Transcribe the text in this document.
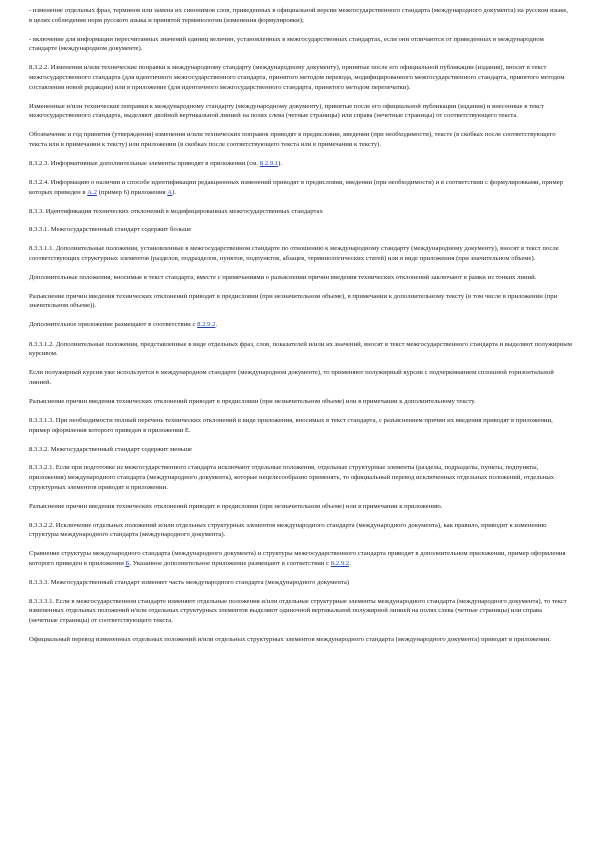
- изменение отдельных фраз, терминов или замена их синонимов слов, приведенных в официальной версии межгосударственного стандарта (международного документа) на русском языке, в целях соблюдения норм русского языка и принятой терминологии (изменения формулировки);

- включение для информации пересчитанных значений единиц величин, установленных в межгосударственных стандартах, если они отличаются от приведенных в международном стандарте (международном документе).

8.3.2.2. Изменения и/или технические поправки к международному стандарту (международному документу), принятые после его официальной публикации (издания), вносят в текст межгосударственного стандарта (для идентичного межгосударственного стандарта, принятого методом перевода, модифицированного межгосударственного стандарта, принятого методом составления новой редакции) или в приложение (для идентичного межгосударственного стандарта, принятого методом перепечатки).

Измененные и/или технические поправки к международному стандарту (международному документу), принятые после его официальной публикации (издания) и внесенные в текст межгосударственного стандарта, выделяют двойной вертикальной линией на полях слева (четные страницы) или справа (нечетные страницы) от соответствующего текста.

Обозначение и год принятия (утверждения) изменения и/или технических поправок приводят в предисловии, введении (при необходимости), тексте (в скобках после соответствующего текста или в примечании к тексту) или приложении (в скобках после соответствующего текста или в примечании к тексту).

8.3.2.3. Информативные дополнительные элементы приводят в приложении (см. 8.2.9.1).

8.3.2.4. Информацию о наличии и способе идентификации редакционных изменений приводят в предисловии, введении (при необходимости) и в соответствии с формулировками, пример которых приведен в А.2 (пример 6) приложения А).

8.3.3. Идентификация технических отклонений в модифицированных межгосударственных стандартах

8.3.3.1. Межгосударственный стандарт содержит больше

8.3.3.1.1. Дополнительные положения, установленные в межгосударственном стандарте по отношению к международному стандарту (международному документу), вносят в текст после соответствующих структурных элементов (разделов, подразделов, пунктов, подпунктов, абзацев, терминологических статей) или в виде приложения (при значительном объеме).

Дополнительные положения, вносимые в текст стандарта, вместе с примечаниями о разъяснении причин введения технических отклонений заключают в рамки из тонких линий.

Разъяснение причин введения технических отклонений приводят в предисловии (при незначительном объеме), в примечании к дополнительному тексту (в том числе в приложении (при значительном объеме)).

Дополнительное приложение размещают в соответствии с 8.2.9.2.

8.3.3.1.2. Дополнительные положения, представленные в виде отдельных фраз, слов, показателей и/или их значений, вносят в текст межгосударственного стандарта и выделяют полужирным курсивом.

Если полужирный курсив уже используется в международном стандарте (международном документе), то применяют полужирный курсив с подчеркиванием сплошной горизонтальной линией.

Разъяснение причин введения технических отклонений приводят в предисловии (при незначительном объеме) или в примечании к дополнительному тексту.

8.3.3.1.3. При необходимости полный перечень технических отклонений в виде приложения, вносимых в текст стандарта, с разъяснением причин их введения приводят в приложении, пример оформления которого приведен в приложении Е.

8.3.3.2. Межгосударственный стандарт содержит меньше

8.3.3.2.1. Если при подготовке из межгосударственного стандарта исключают отдельные положения, отдельные структурные элементы (разделы, подразделы, пункты, подпункты, приложения) международного стандарта (международного документа), которые нецелесообразно применять, то официальный перевод исключенных отдельных положений, отдельных структурных элементов приводят в приложении.

Разъяснение причин введения технических отклонений приводят в предисловии (при незначительном объеме) или в примечании к приложению.

8.3.3.2.2. Исключение отдельных положений и/или отдельных структурных элементов международного стандарта (международного документа), как правило, приводит к изменению структуры международного стандарта (международного документа).

Сравнение структуры международного стандарта (международного документа) и структуры межгосударственного стандарта приводят в дополнительном приложении, пример оформления которого приведен в приложении Б. Указанное дополнительное приложение размещают в соответствии с 8.2.9.2.

8.3.3.3. Межгосударственный стандарт изменяет часть международного стандарта (международного документа)

8.3.3.3.1. Если в межгосударственном стандарте изменяют отдельные положения и/или отдельные структурные элементы международного стандарта (международного документа), то текст измененных отдельных положений и/или отдельных структурных элементов выделяют одиночной вертикальной полужирной линией на полях слева (четные страницы) или справа (нечетные страницы) от соответствующего текста.

Официальный перевод измененных отдельных положений и/или отдельных структурных элементов международного стандарта (международного документа) приводят в приложении.
